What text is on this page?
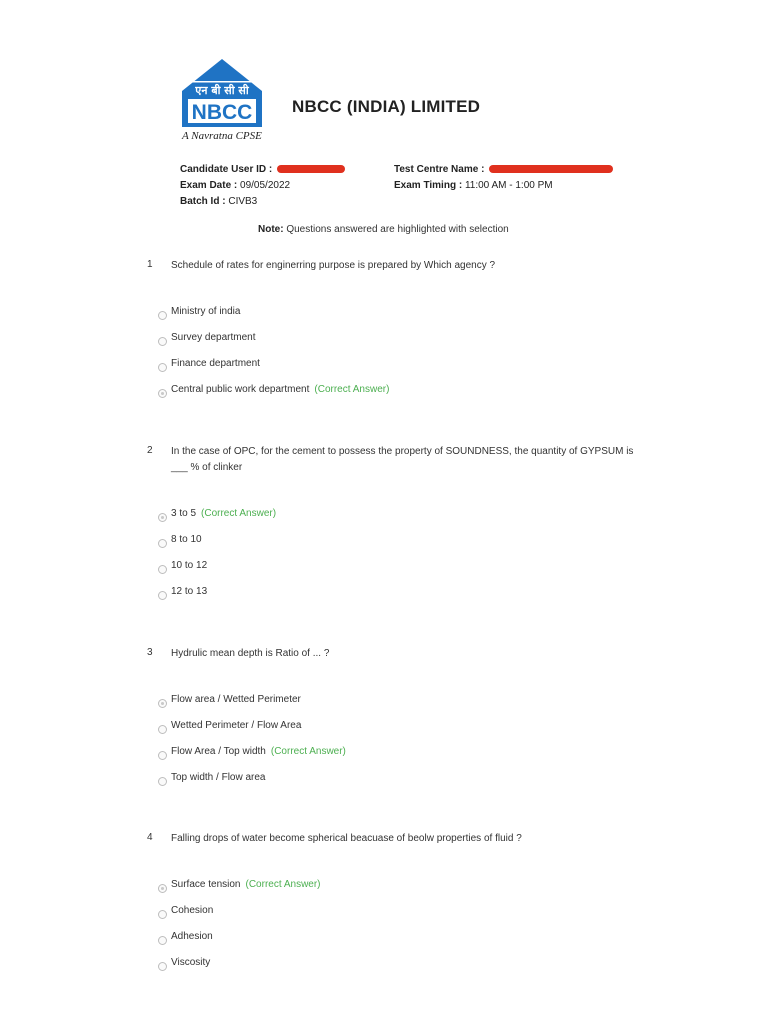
एन बी सी सी
NBCC
A Navratna CPSE
NBCC (INDIA) LIMITED
Candidate User ID :
Exam Date : 09/05/2022
Batch Id : CIVB3
Test Centre Name :
Exam Timing : 11:00 AM - 1:00 PM
Note: Questions answered are highlighted with selection
1 Schedule of rates for enginerring purpose is prepared by Which agency ?
Ministry of india
Survey department
Finance department
Central public work department (Correct Answer)
2 In the case of OPC, for the cement to possess the property of SOUNDNESS, the quantity of GYPSUM is ___ % of clinker
3 to 5 (Correct Answer)
8 to 10
10 to 12
12 to 13
3 Hydrulic mean depth is Ratio of ... ?
Flow area / Wetted Perimeter
Wetted Perimeter / Flow Area
Flow Area / Top width (Correct Answer)
Top width / Flow area
4 Falling drops of water become spherical beacuase of beolw properties of fluid ?
Surface tension (Correct Answer)
Cohesion
Adhesion
Viscosity
